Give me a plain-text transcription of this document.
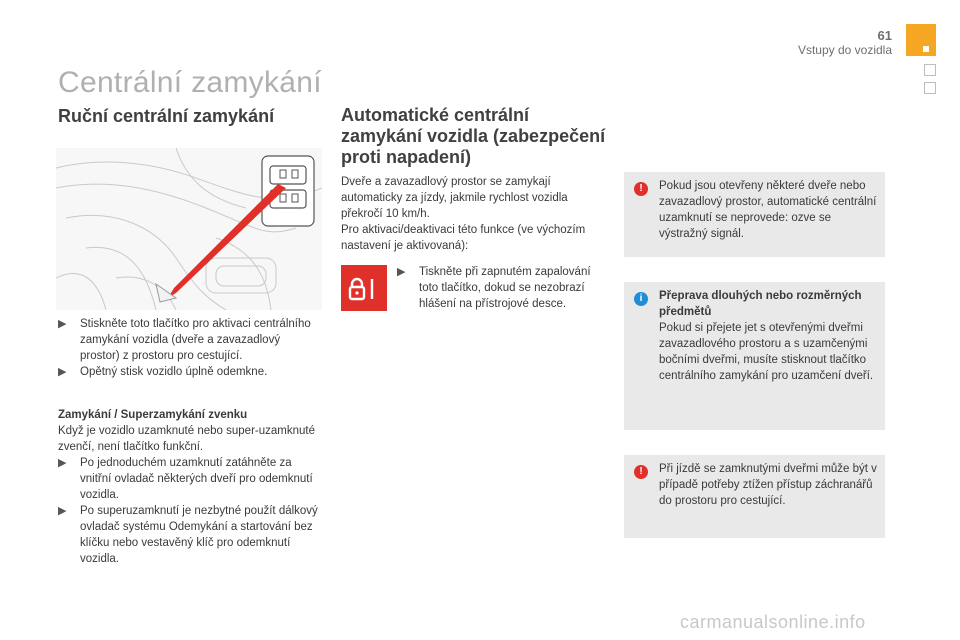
61
Vstupy do vozidla
Centrální zamykání
Ruční centrální zamykání
▶ Stiskněte toto tlačítko pro aktivaci centrálního zamykání vozidla (dveře a zavazadlový prostor) z prostoru pro cestující.
▶ Opětný stisk vozidlo úplně odemkne.
Zamykání / Superzamykání zvenku
Když je vozidlo uzamknuté nebo super-uzamknuté zvenčí, není tlačítko funkční.
▶ Po jednoduchém uzamknutí zatáhněte za vnitřní ovladač některých dveří pro odemknutí vozidla.
▶ Po superuzamknutí je nezbytné použít dálkový ovladač systému Odemykání a startování bez klíčku nebo vestavěný klíč pro odemknutí vozidla.
Automatické centrální zamykání vozidla (zabezpečení proti napadení)
Dveře a zavazadlový prostor se zamykají automaticky za jízdy, jakmile rychlost vozidla překročí 10 km/h.
Pro aktivaci/deaktivaci této funkce (ve výchozím nastavení je aktivovaná):
▶ Tiskněte při zapnutém zapalování toto tlačítko, dokud se nezobrazí hlášení na přístrojové desce.
!	Pokud jsou otevřeny některé dveře nebo zavazadlový prostor, automatické centrální uzamknutí se neprovede: ozve se výstražný signál.
i	Přeprava dlouhých nebo rozměrných předmětů
Pokud si přejete jet s otevřenými dveřmi zavazadlového prostoru a s uzamčenými bočními dveřmi, musíte stisknout tlačítko centrálního zamykání pro uzamčení dveří.
!	Při jízdě se zamknutými dveřmi může být v případě potřeby ztížen přístup záchranářů do prostoru pro cestující.
carmanualsonline.info
